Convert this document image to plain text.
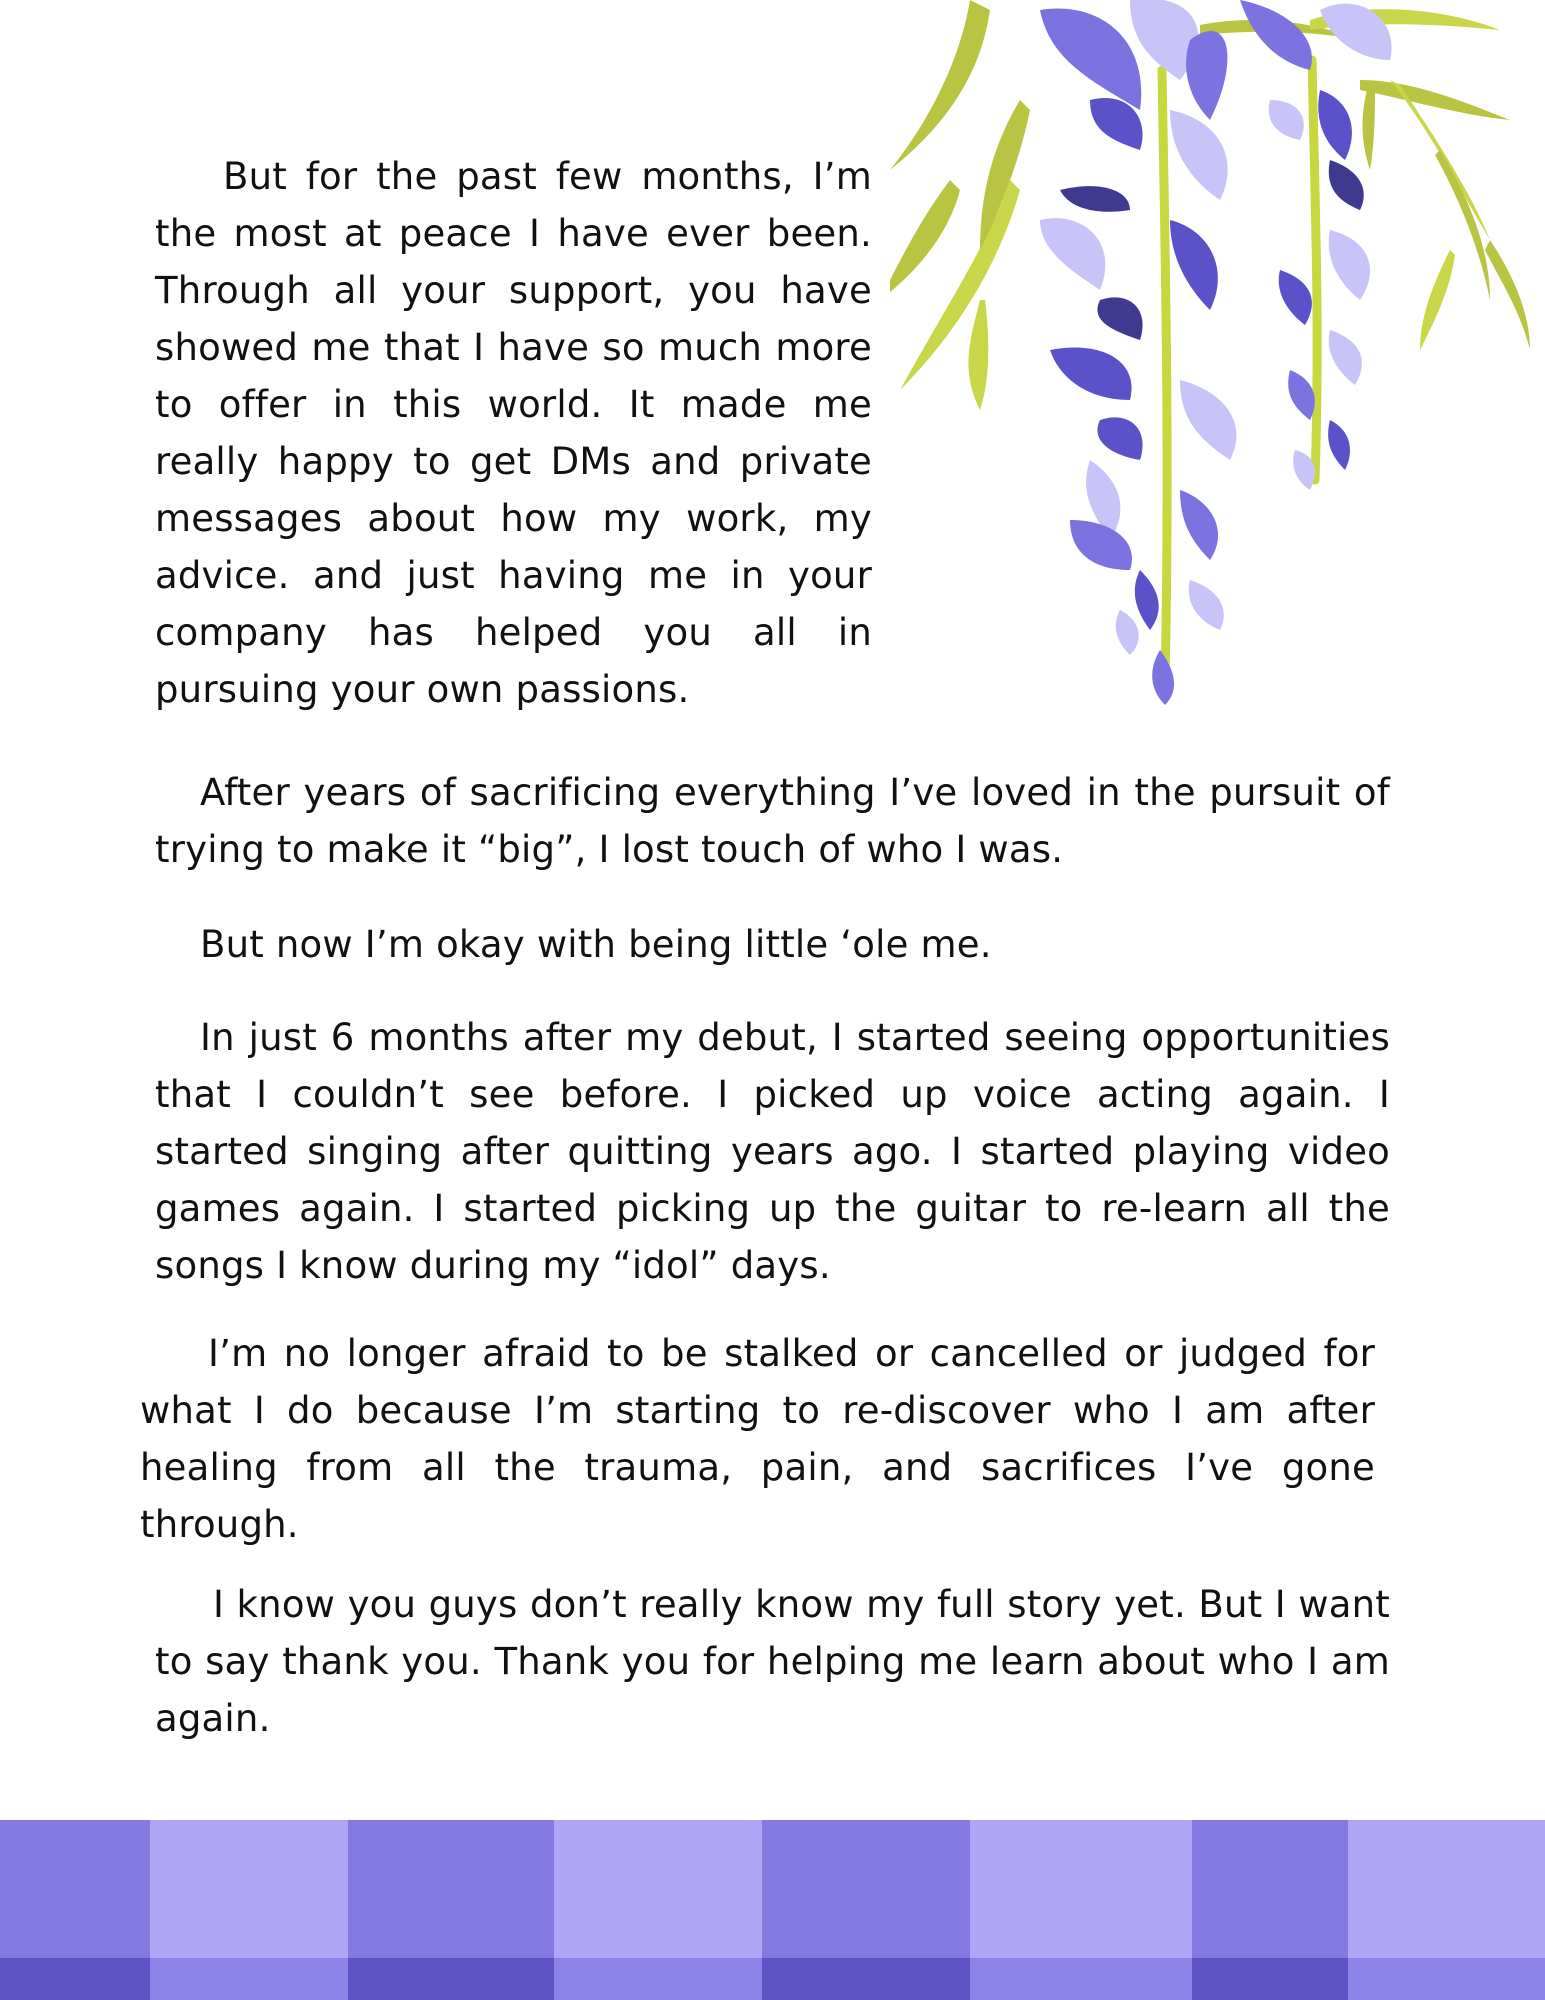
But for the past few months, I’m the most at peace I have ever been. Through all your support, you have showed me that I have so much more to offer in this world. It made me really happy to get DMs and private messages about how my work, my advice. and just having me in your company has helped you all in pursuing your own passions.

After years of sacrificing everything I’ve loved in the pursuit of trying to make it “big”, I lost touch of who I was.

But now I’m okay with being little ‘ole me.

In just 6 months after my debut, I started seeing opportunities that I couldn’t see before. I picked up voice acting again. I started singing after quitting years ago. I started playing video games again. I started picking up the guitar to re-learn all the songs I know during my “idol” days.

I’m no longer afraid to be stalked or cancelled or judged for what I do because I’m starting to re-discover who I am after healing from all the trauma, pain, and sacrifices I’ve gone through.

I know you guys don’t really know my full story yet. But I want to say thank you. Thank you for helping me learn about who I am again.
